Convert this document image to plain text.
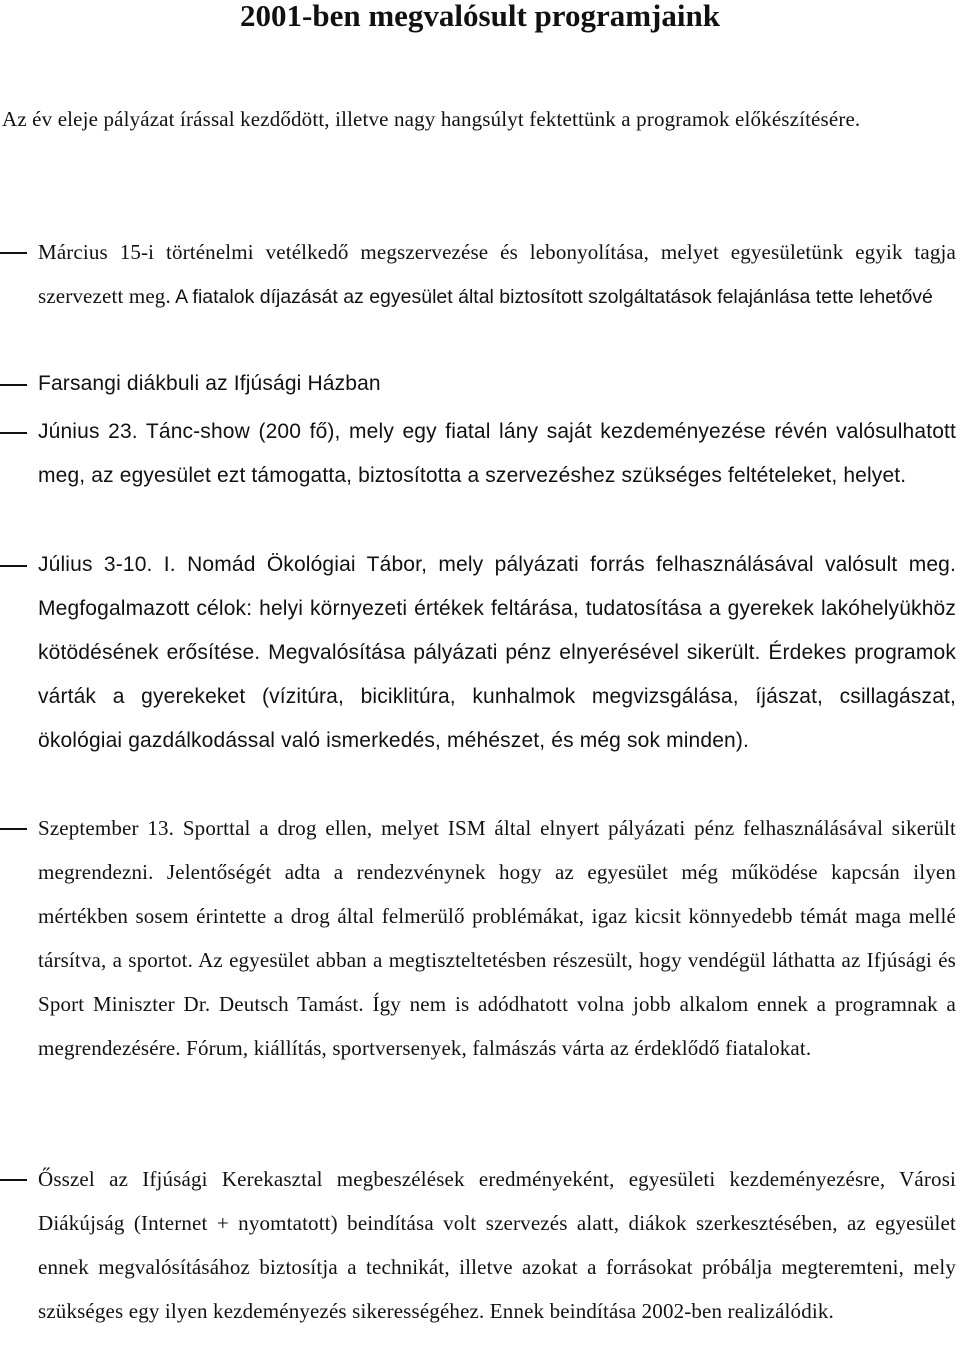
2001-ben megvalósult programjaink
Az év eleje pályázat írással kezdődött, illetve nagy hangsúlyt fektettünk a programok előkészítésére.
Március 15-i történelmi vetélkedő megszervezése és lebonyolítása, melyet egyesületünk egyik tagja szervezett meg. A fiatalok díjazását az egyesület által biztosított szolgáltatások felajánlása tette lehetővé
Farsangi diákbuli az Ifjúsági Házban
Június 23. Tánc-show (200 fő), mely egy fiatal lány saját kezdeményezése révén valósulhatott meg, az egyesület ezt támogatta, biztosította a szervezéshez szükséges feltételeket, helyet.
Július 3-10. I. Nomád Ökológiai Tábor, mely pályázati forrás felhasználásával valósult meg. Megfogalmazott célok: helyi környezeti értékek feltárása, tudatosítása a gyerekek lakóhelyükhöz kötödésének erősítése. Megvalósítása pályázati pénz elnyerésével sikerült. Érdekes programok várták a gyerekeket (vízitúra, biciklitúra, kunhalmok megvizsgálása, íjászat, csillagászat, ökológiai gazdálkodással való ismerkedés, méhészet, és még sok minden).
Szeptember 13. Sporttal a drog ellen, melyet ISM által elnyert pályázati pénz felhasználásával sikerült megrendezni. Jelentőségét adta a rendezvénynek hogy az egyesület még működése kapcsán ilyen mértékben sosem érintette a drog által felmerülő problémákat, igaz kicsit könnyedebb témát maga mellé társítva, a sportot. Az egyesület abban a megtiszteltetésben részesült, hogy vendégül láthatta az Ifjúsági és Sport Miniszter Dr. Deutsch Tamást. Így nem is adódhatott volna jobb alkalom ennek a programnak a megrendezésére. Fórum, kiállítás, sportversenyek, falmászás várta az érdeklődő fiatalokat.
Ősszel az Ifjúsági Kerekasztal megbeszélések eredményeként, egyesületi kezdeményezésre, Városi Diákújság (Internet + nyomtatott) beindítása volt szervezés alatt, diákok szerkesztésében, az egyesület ennek megvalósításához biztosítja a technikát, illetve azokat a forrásokat próbálja megteremteni, mely szükséges egy ilyen kezdeményezés sikerességéhez. Ennek beindítása 2002-ben realizálódik.
